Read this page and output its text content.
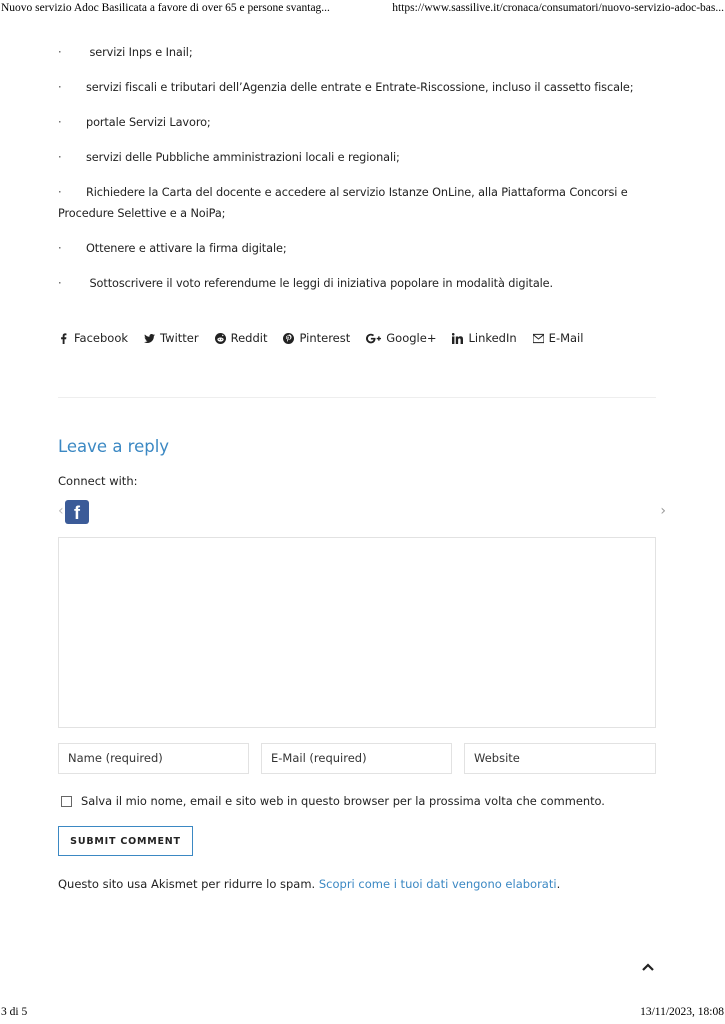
Nuovo servizio Adoc Basilicata a favore di over 65 e persone svantag...	https://www.sassilive.it/cronaca/consumatori/nuovo-servizio-adoc-bas...
· servizi Inps e Inail;
· servizi fiscali e tributari dell’Agenzia delle entrate e Entrate-Riscossione, incluso il cassetto fiscale;
· portale Servizi Lavoro;
· servizi delle Pubbliche amministrazioni locali e regionali;
· Richiedere la Carta del docente e accedere al servizio Istanze OnLine, alla Piattaforma Concorsi e Procedure Selettive e a NoiPa;
· Ottenere e attivare la firma digitale;
· Sottoscrivere il voto referendume le leggi di iniziativa popolare in modalità digitale.
Facebook	Twitter	Reddit	Pinterest	Google+	LinkedIn	E-Mail
Leave a reply
Connect with:
‹ f	›
Name (required)
E-Mail (required)
Website
Salva il mio nome, email e sito web in questo browser per la prossima volta che commento.
SUBMIT COMMENT
Questo sito usa Akismet per ridurre lo spam. Scopri come i tuoi dati vengono elaborati.
3 di 5	13/11/2023, 18:08
